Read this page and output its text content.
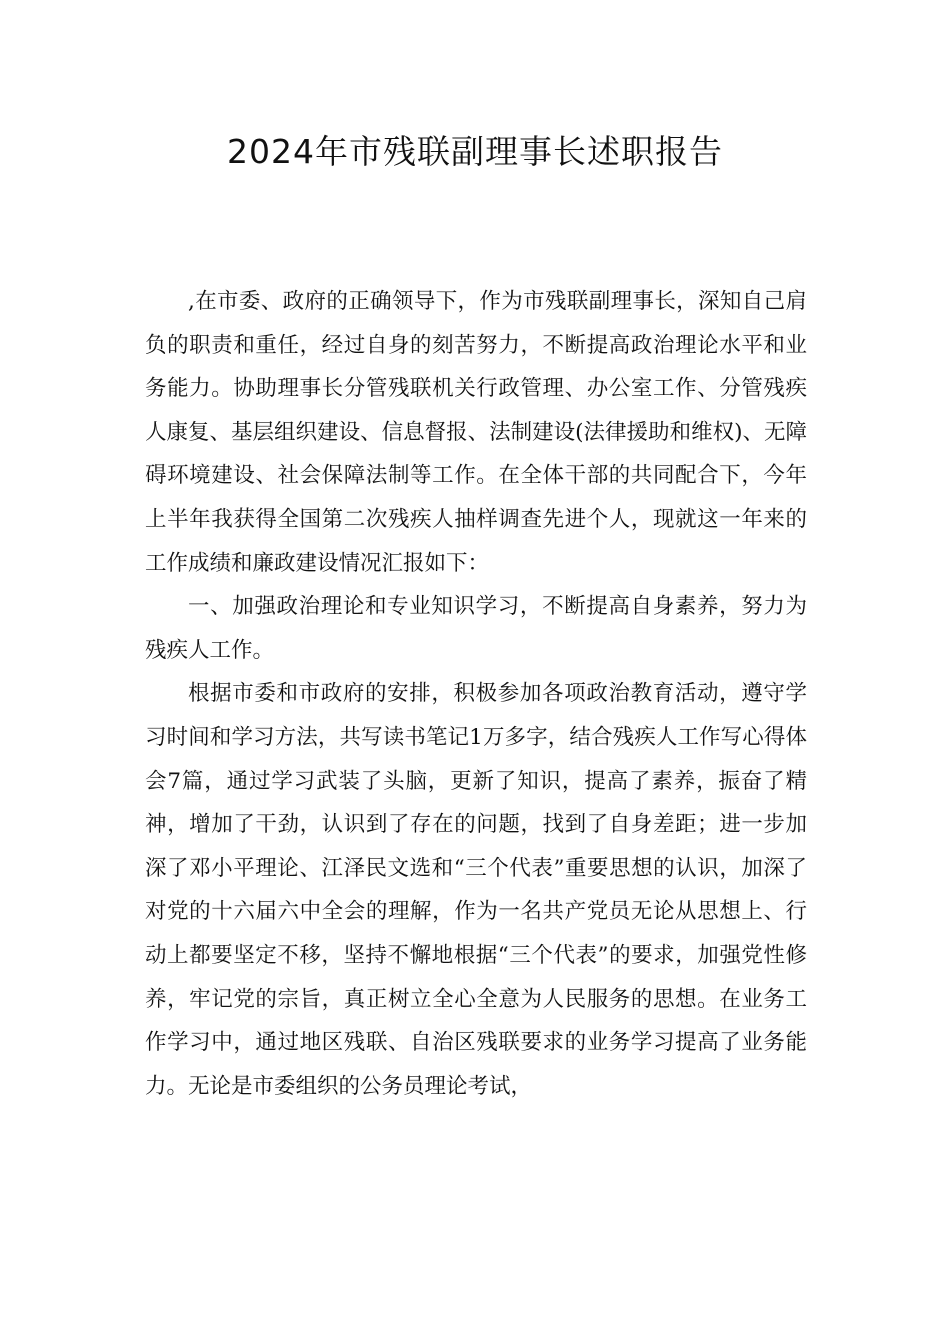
2024年市残联副理事长述职报告

,在市委、政府的正确领导下，作为市残联副理事长，深知自己肩负的职责和重任，经过自身的刻苦努力，不断提高政治理论水平和业务能力。协助理事长分管残联机关行政管理、办公室工作、分管残疾人康复、基层组织建设、信息督报、法制建设(法律援助和维权)、无障碍环境建设、社会保障法制等工作。在全体干部的共同配合下，今年上半年我获得全国第二次残疾人抽样调查先进个人，现就这一年来的工作成绩和廉政建设情况汇报如下：

一、加强政治理论和专业知识学习，不断提高自身素养，努力为残疾人工作。

根据市委和市政府的安排，积极参加各项政治教育活动，遵守学习时间和学习方法，共写读书笔记1万多字，结合残疾人工作写心得体会7篇，通过学习武装了头脑，更新了知识，提高了素养，振奋了精神，增加了干劲，认识到了存在的问题，找到了自身差距；进一步加深了邓小平理论、江泽民文选和“三个代表”重要思想的认识，加深了对党的十六届六中全会的理解，作为一名共产党员无论从思想上、行动上都要坚定不移，坚持不懈地根据“三个代表”的要求，加强党性修养，牢记党的宗旨，真正树立全心全意为人民服务的思想。在业务工作学习中，通过地区残联、自治区残联要求的业务学习提高了业务能力。无论是市委组织的公务员理论考试，
